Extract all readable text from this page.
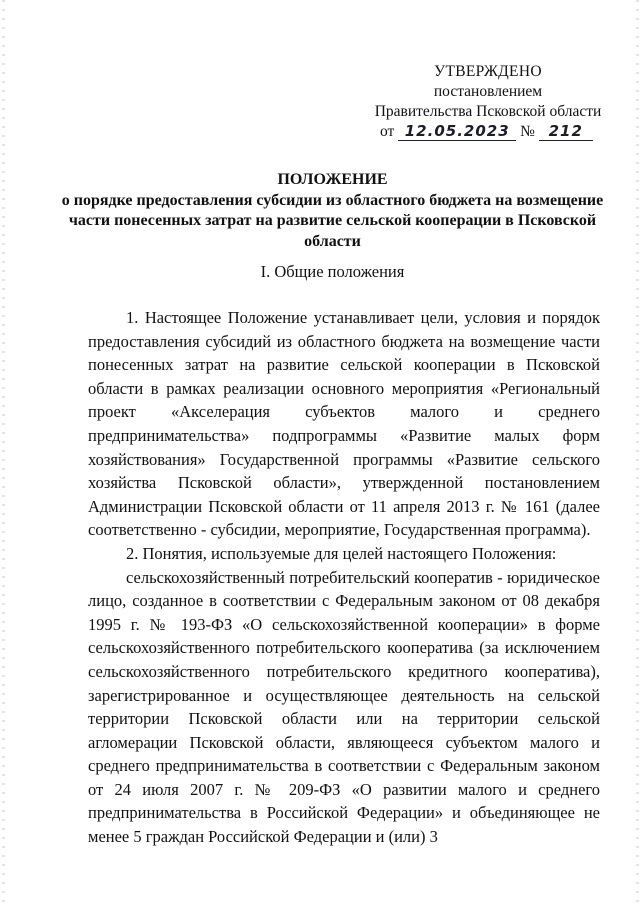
УТВЕРЖДЕНО
постановлением
Правительства Псковской области
от 12.05.2023 № 212
ПОЛОЖЕНИЕ
о порядке предоставления субсидии из областного бюджета на возмещение части понесенных затрат на развитие сельской кооперации в Псковской области
I. Общие положения

1. Настоящее Положение устанавливает цели, условия и порядок предоставления субсидий из областного бюджета на возмещение части понесенных затрат на развитие сельской кооперации в Псковской области в рамках реализации основного мероприятия «Региональный проект «Акселерация субъектов малого и среднего предпринимательства» подпрограммы «Развитие малых форм хозяйствования» Государственной программы «Развитие сельского хозяйства Псковской области», утвержденной постановлением Администрации Псковской области от 11 апреля 2013 г. № 161 (далее соответственно - субсидии, мероприятие, Государственная программа).

2. Понятия, используемые для целей настоящего Положения:

сельскохозяйственный потребительский кооператив - юридическое лицо, созданное в соответствии с Федеральным законом от 08 декабря 1995 г. № 193-ФЗ «О сельскохозяйственной кооперации» в форме сельскохозяйственного потребительского кооператива (за исключением сельскохозяйственного потребительского кредитного кооператива), зарегистрированное и осуществляющее деятельность на сельской территории Псковской области или на территории сельской агломерации Псковской области, являющееся субъектом малого и среднего предпринимательства в соответствии с Федеральным законом от 24 июля 2007 г. № 209-ФЗ «О развитии малого и среднего предпринимательства в Российской Федерации» и объединяющее не менее 5 граждан Российской Федерации и (или) 3
